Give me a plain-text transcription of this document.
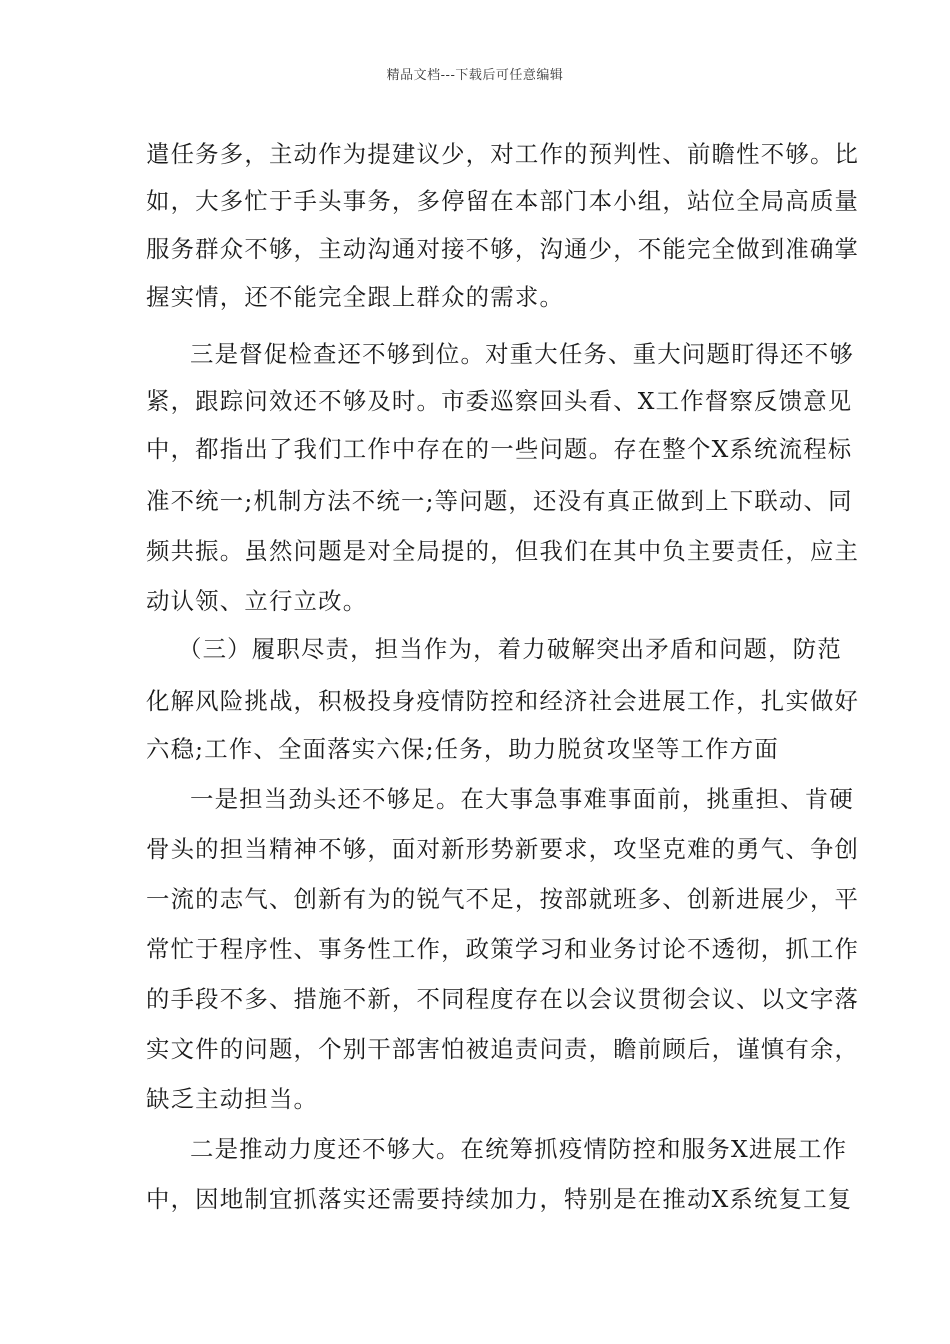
精品文档---下载后可任意编辑
遣任务多，主动作为提建议少，对工作的预判性、前瞻性不够。比
如，大多忙于手头事务，多停留在本部门本小组，站位全局高质量
服务群众不够，主动沟通对接不够，沟通少，不能完全做到准确掌
握实情，还不能完全跟上群众的需求。
三是督促检查还不够到位。对重大任务、重大问题盯得还不够
紧，跟踪问效还不够及时。市委巡察回头看、X工作督察反馈意见
中，都指出了我们工作中存在的一些问题。存在整个X系统流程标
准不统一;机制方法不统一;等问题，还没有真正做到上下联动、同
频共振。虽然问题是对全局提的，但我们在其中负主要责任，应主
动认领、立行立改。
（三）履职尽责，担当作为，着力破解突出矛盾和问题，防范
化解风险挑战，积极投身疫情防控和经济社会进展工作，扎实做好
六稳;工作、全面落实六保;任务，助力脱贫攻坚等工作方面
一是担当劲头还不够足。在大事急事难事面前，挑重担、肯硬
骨头的担当精神不够，面对新形势新要求，攻坚克难的勇气、争创
一流的志气、创新有为的锐气不足，按部就班多、创新进展少，平
常忙于程序性、事务性工作，政策学习和业务讨论不透彻，抓工作
的手段不多、措施不新，不同程度存在以会议贯彻会议、以文字落
实文件的问题，个别干部害怕被追责问责，瞻前顾后，谨慎有余，
缺乏主动担当。
二是推动力度还不够大。在统筹抓疫情防控和服务X进展工作
中，因地制宜抓落实还需要持续加力，特别是在推动X系统复工复
